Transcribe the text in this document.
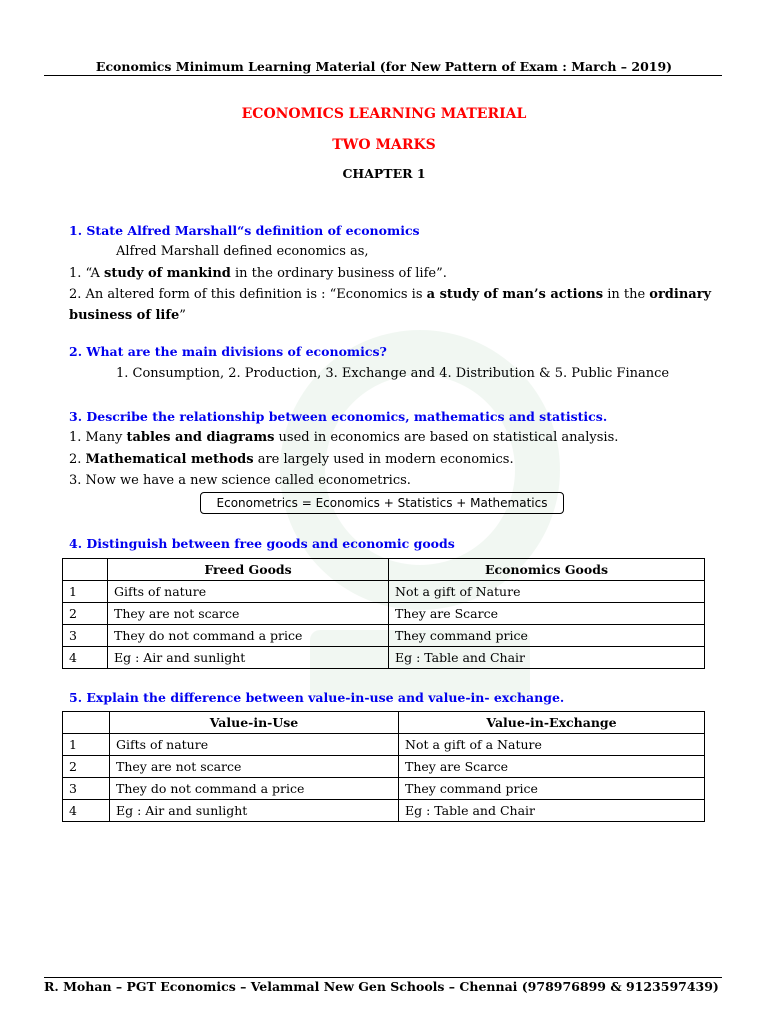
Economics Minimum Learning Material (for New Pattern of Exam : March – 2019)
ECONOMICS LEARNING MATERIAL
TWO MARKS
CHAPTER 1
1. State Alfred Marshall“s definition of economics
Alfred Marshall defined economics as,
1. “A study of mankind in the ordinary business of life”.
2. An altered form of this definition is : “Economics is a study of man’s actions in the ordinary
business of life”
2. What are the main divisions of economics?
1. Consumption, 2. Production, 3. Exchange and 4. Distribution & 5. Public Finance
3. Describe the relationship between economics, mathematics and statistics.
1. Many tables and diagrams used in economics are based on statistical analysis.
2. Mathematical methods are largely used in modern economics.
3. Now we have a new science called econometrics.
Econometrics = Economics + Statistics + Mathematics
4. Distinguish between free goods and economic goods
	Freed Goods	Economics Goods
1	Gifts of nature	Not a gift of Nature
2	They are not scarce	They are Scarce
3	They do not command a price	They command price
4	Eg : Air and sunlight	Eg : Table and Chair
5. Explain the difference between value-in-use and value-in- exchange.
	Value-in-Use	Value-in-Exchange
1	Gifts of nature	Not a gift of a Nature
2	They are not scarce	They are Scarce
3	They do not command a price	They command price
4	Eg : Air and sunlight	Eg : Table and Chair
R. Mohan – PGT Economics – Velammal New Gen Schools – Chennai (978976899 & 9123597439)
